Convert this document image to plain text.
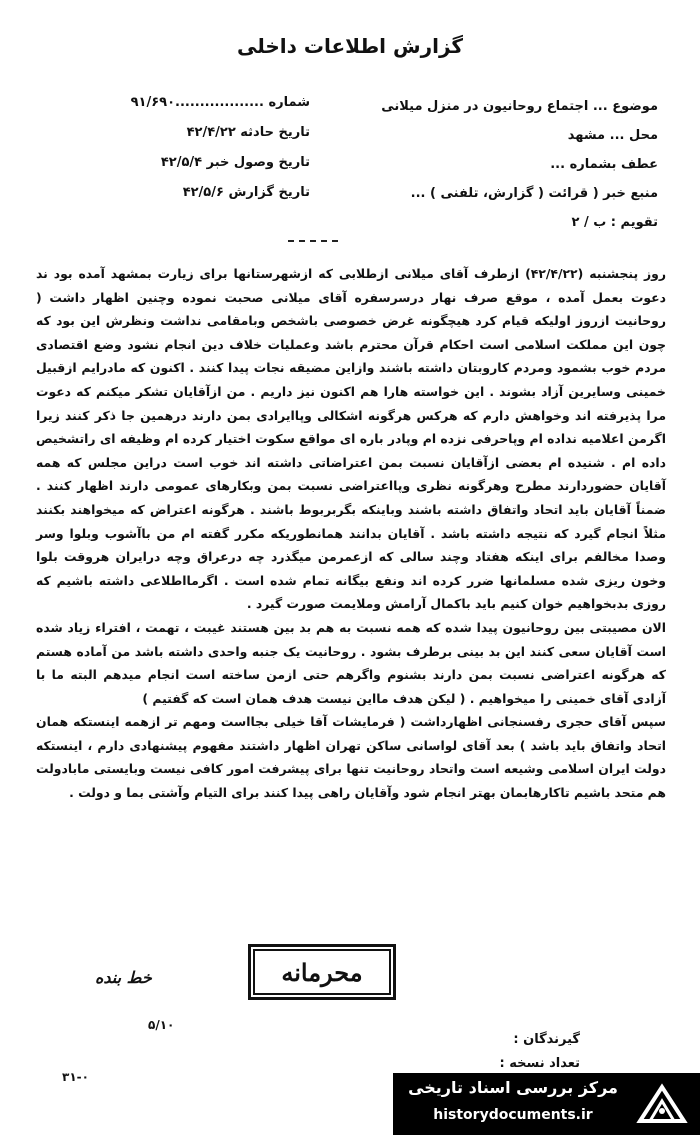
گزارش اطلاعات داخلی
شماره ..................۹۱/۶۹۰
تاریخ حادثه ۴۲/۴/۲۲
تاریخ وصول خبر ۴۲/۵/۴
تاریخ گزارش ۴۲/۵/۶
موضوع ... اجتماع روحانیون در منزل میلانی
محل ... مشهد
عطف بشماره ...
منبع خبر ( قرائت ( گزارش، تلفنی ) ...
تقویم : ب / ۲

روز پنجشنبه (۴۲/۴/۲۲) ازطرف آقای میلانی ازطلابی که ازشهرستانها برای زیارت بمشهد آمده بود ند دعوت بعمل آمده ، موقع صرف نهار درسرسفره آقای میلانی صحبت نموده وچنین اظهار داشت ( روحانیت ازروز اولیکه قیام کرد هیچگونه غرض خصوصی باشخص وبامقامی نداشت ونظرش این بود که چون این مملکت اسلامی است احکام قرآن محترم باشد وعملیات خلاف دین انجام نشود وضع اقتصادی مردم خوب بشمود ومردم کاروبتان داشته باشند وازاین مضیقه نجات پیدا کنند . اکنون که مادرایم ازقبیل خمینی وسایرین آزاد بشوند . این خواسته هارا هم اکنون نیز داریم . من ازآقایان تشکر میکنم که دعوت مرا پذیرفته اند وخواهش دارم که هرکس هرگونه اشکالی وپاایرادی بمن دارند درهمین جا ذکر کنند زیرا اگرمن اعلامیه نداده ام وپاحرفی نزده ام وپادر باره ای مواقع سکوت اختیار کرده ام وظیفه ای راتشخیص داده ام . شنیده ام بعضی ازآقایان نسبت بمن اعتراضاتی داشته اند خوب است دراین مجلس که همه آقایان حضوردارند مطرح وهرگونه نظری وپااعتراضی نسبت بمن وبکارهای عمومی دارند اظهار کنند . ضمناً آقایان باید اتحاد واتفاق داشته باشند وباینکه بگربربوط باشند . هرگونه اعتراض که میخواهند بکنند مثلاً انجام گیرد که نتیجه داشته باشد . آقایان بدانند همانطوریکه مکرر گفته ام من باآشوب وبلوا وسر وصدا مخالفم برای اینکه هفتاد وچند سالی که ازعمرمن میگذرد چه درعراق وچه درایران هروقت بلوا وخون ریزی شده مسلمانها ضرر کرده اند ونفع بیگانه تمام شده است . اگرمااطلاعی داشته باشیم که روزی بدبخواهیم خوان کنیم باید باکمال آرامش وملایمت صورت گیرد .

الان مصیبتی بین روحانیون پیدا شده که همه نسبت به هم بد بین هستند غیبت ، تهمت ، افتراء زیاد شده است آقایان سعی کنند این بد بینی برطرف بشود . روحانیت یک جنبه واحدی داشته باشد من آماده هستم که هرگونه اعتراضی نسبت بمن دارند بشنوم واگرهم حتی ازمن ساخته است انجام میدهم البته ما با آزادی آقای خمینی را میخواهیم . ( لیکن هدف مااین نیست هدف همان است که گفتیم )

سپس آقای حجری رفسنجانی اظهارداشت ( فرمایشات آقا خیلی بجااست ومهم تر ازهمه اینستکه همان اتحاد واتفاق باید باشد ) بعد آقای لواسانی ساکن تهران اظهار داشتند مفهوم پیشنهادی دارم ، اینستکه دولت ایران اسلامی وشیعه است واتحاد روحانیت تنها برای پیشرفت امور کافی نیست وبایستی مابادولت هم متحد باشیم تاکارهابمان بهتر انجام شود وآقایان راهی پیدا کنند برای التیام وآشتی بما و دولت .

خط بنده	محرمانه
۵/۱۰
گیرندگان :
تعداد نسخه :
۳۱-۰
مرکز بررسی اسناد تاریخی
historydocuments.ir
